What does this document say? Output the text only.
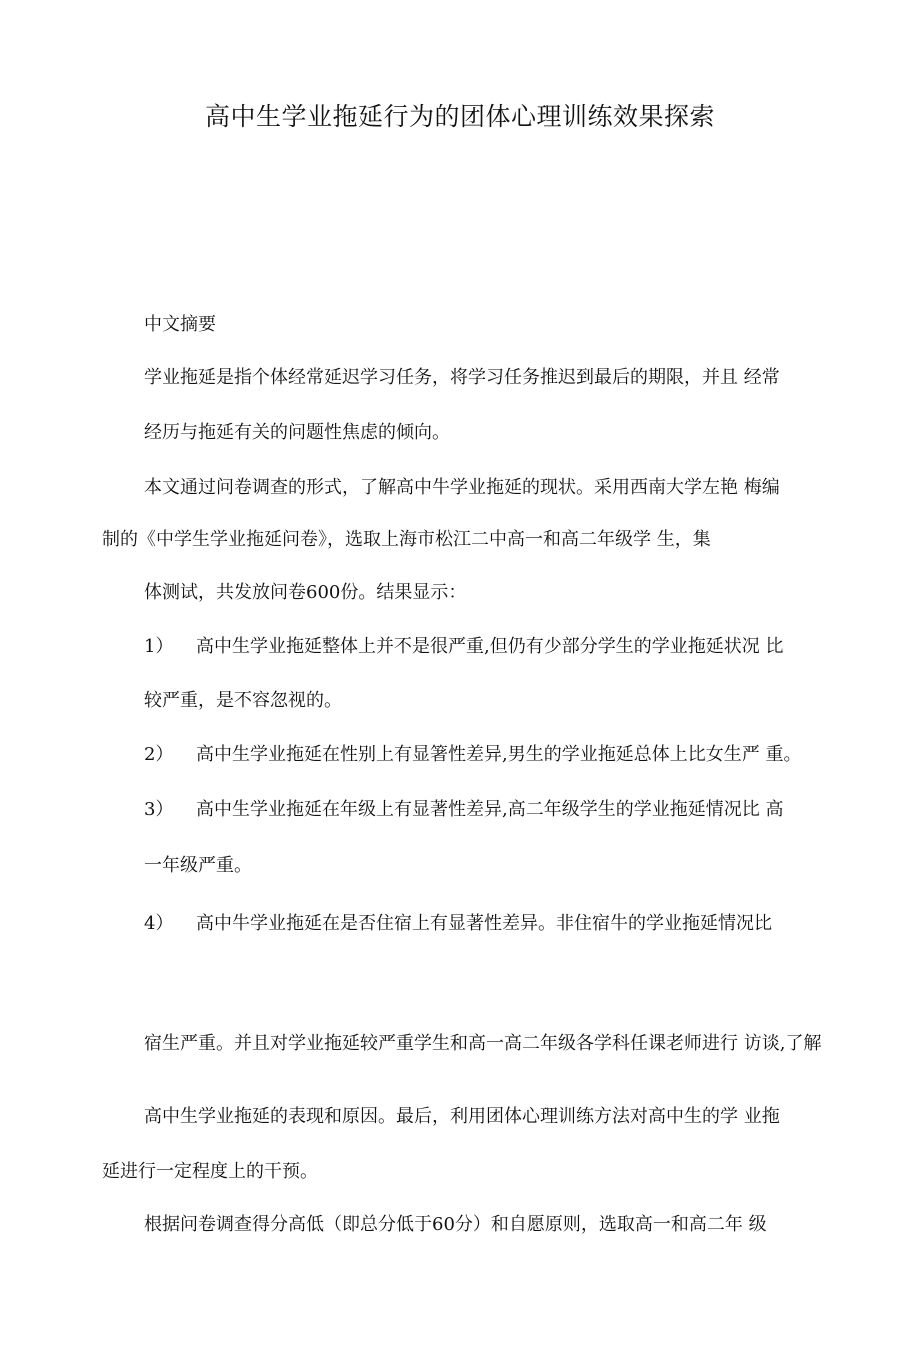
高中生学业拖延行为的团体心理训练效果探索

中文摘要

学业拖延是指个体经常延迟学习任务，将学习任务推迟到最后的期限，并且 经常

经历与拖延有关的问题性焦虑的倾向。

本文通过问卷调查的形式，了解高中牛学业拖延的现状。采用西南大学左艳 梅编

制的《中学生学业拖延问卷》，选取上海市松江二中高一和高二年级学 生，集

体测试，共发放问卷600份。结果显示：

1） 高中生学业拖延整体上并不是很严重,但仍有少部分学生的学业拖延状况 比

较严重，是不容忽视的。

2） 高中生学业拖延在性别上有显箸性差异,男生的学业拖延总体上比女生严 重。

3） 高中生学业拖延在年级上有显著性差异,高二年级学生的学业拖延情况比 高

一年级严重。

4） 高中牛学业拖延在是否住宿上有显著性差异。非住宿牛的学业拖延情况比

宿生严重。并且对学业拖延较严重学生和高一高二年级各学科任课老师进行 访谈,了解

高中生学业拖延的表现和原因。最后，利用团体心理训练方法对高中生的学 业拖

延进行一定程度上的干预。

根据问卷调查得分高低（即总分低于60分）和自愿原则，选取高一和高二年 级
